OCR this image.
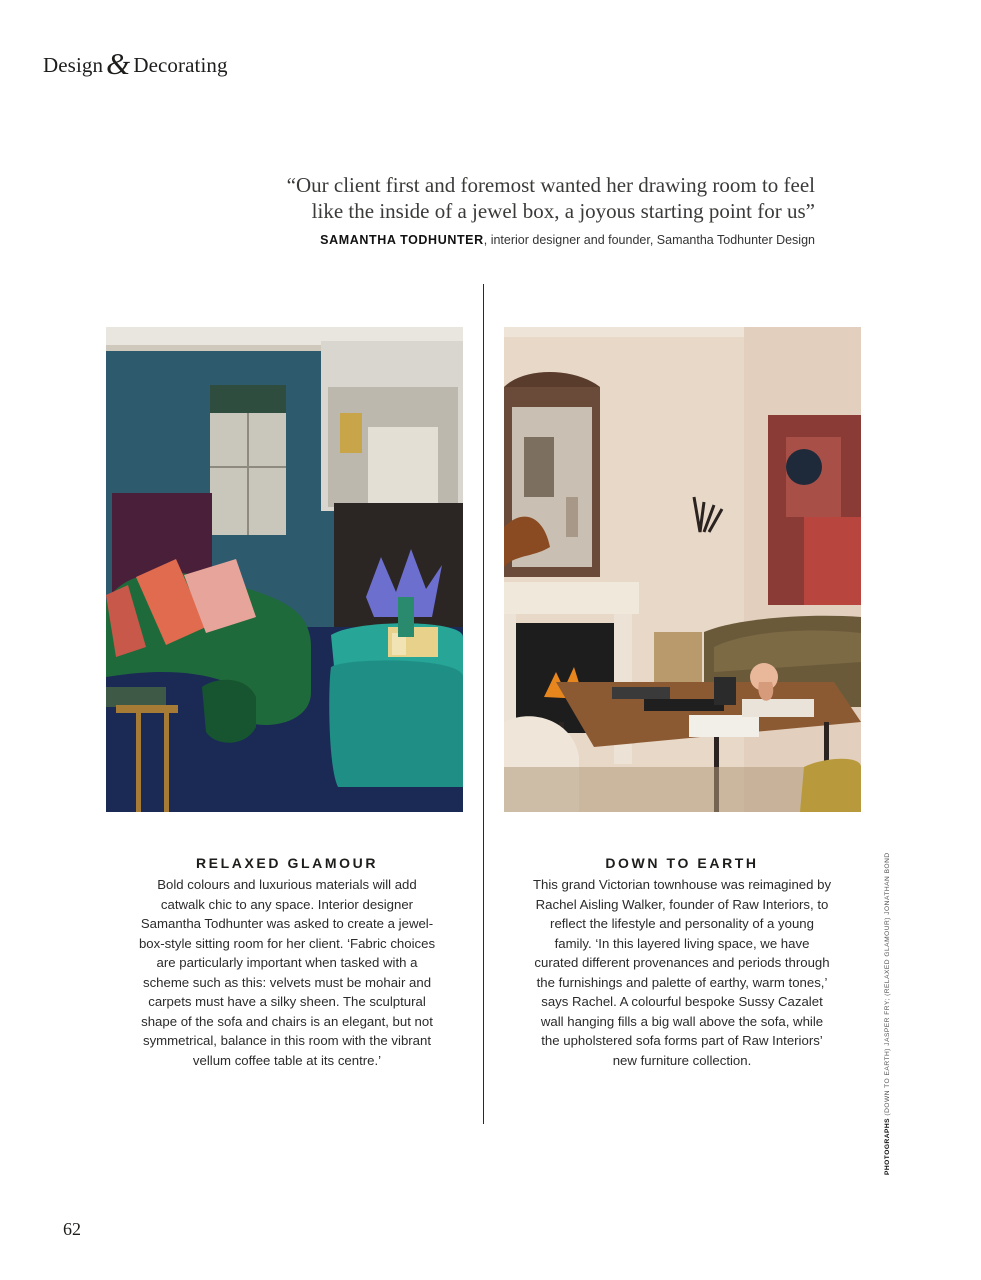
Design& Decorating
“Our client first and foremost wanted her drawing room to feel
like the inside of a jewel box, a joyous starting point for us”
SAMANTHA TODHUNTER, interior designer and founder, Samantha Todhunter Design
RELAXED GLAMOUR

Bold colours and luxurious materials will add catwalk chic to any space. Interior designer Samantha Todhunter was asked to create a jewel-box-style sitting room for her client. ‘Fabric choices are particularly important when tasked with a scheme such as this: velvets must be mohair and carpets must have a silky sheen. The sculptural shape of the sofa and chairs is an elegant, but not symmetrical, balance in this room with the vibrant vellum coffee table at its centre.’

DOWN TO EARTH

This grand Victorian townhouse was reimagined by Rachel Aisling Walker, founder of Raw Interiors, to reflect the lifestyle and personality of a young family. ‘In this layered living space, we have curated different provenances and periods through the furnishings and palette of earthy, warm tones,’ says Rachel. A colourful bespoke Sussy Cazalet wall hanging fills a big wall above the sofa, while the upholstered sofa forms part of Raw Interiors’ new furniture collection.

PHOTOGRAPHS (DOWN TO EARTH) JASPER FRY; (RELAXED GLAMOUR) JONATHAN BOND
62
